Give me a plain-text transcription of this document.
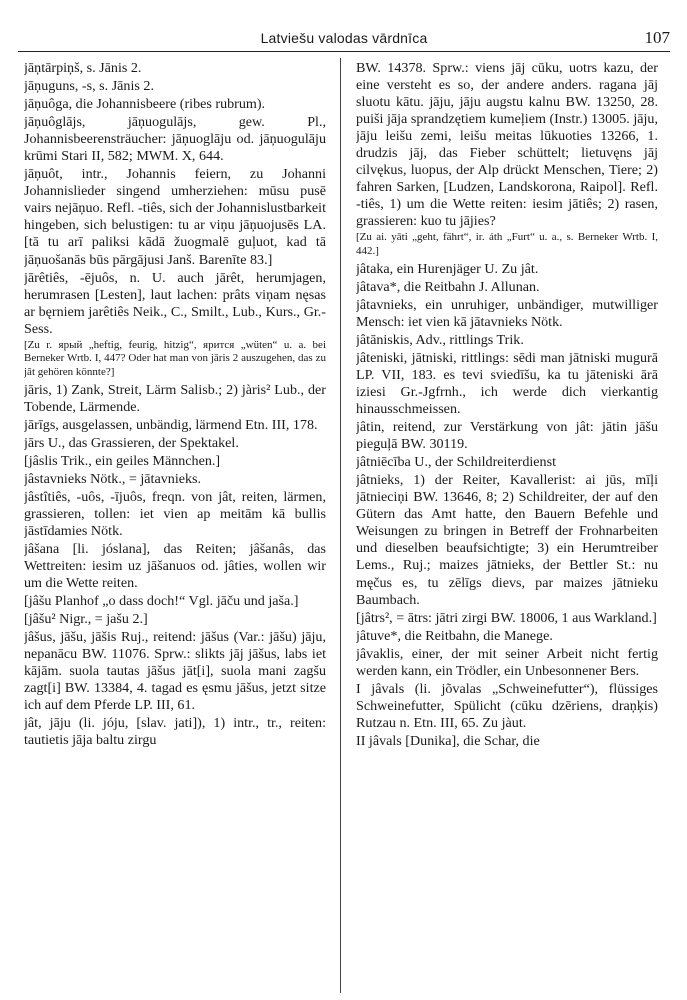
Latviešu valodas vārdnīca	107

jāņtārpiņš, s. Jānis 2.

jāņuguns, -s, s. Jānis 2.

jāņuôga, die Johannisbeere (ribes rubrum).

jāņuôglājs, jāņuogulājs, gew. Pl., Johannisbeerensträucher: jāņuoglāju od. jāņuogulāju krūmi Stari II, 582; MWM. X, 644.

jāņuôt, intr., Johannis feiern, zu Johanni Johannislieder singend umherziehen: mūsu pusē vairs nejāņuo. Refl. -tiês, sich der Johannislustbarkeit hingeben, sich belustigen: tu ar viņu jāņuojusēs LA. [tā tu arī paliksi kādā žuogmalē guļuot, kad tā jāņuošanās būs pārgājusi Janš. Barenīte 83.]

jārêtiês, -ējuôs, n. U. auch jārêt, herumjagen, herumrasen [Lesten], laut lachen: prâts viņam nęsas ar bęrniem jarêtiês Neik., C., Smilt., Lub., Kurs., Gr.-Sess.

[Zu r. ярый „heftig, feurig, hitzig“, ярится „wüten“ u. a. bei Berneker Wrtb. I, 447? Oder hat man von jāris 2 auszugehen, das zu jât gehören könnte?]

jāris, 1) Zank, Streit, Lärm Salisb.; 2) jàris² Lub., der Tobende, Lärmende.

jārīgs, ausgelassen, unbändig, lärmend Etn. III, 178.

jārs U., das Grassieren, der Spektakel.

[jâslis Trik., ein geiles Männchen.]

jâstavnieks Nötk., = jātavnieks.

jâstîtiês, -uôs, -ījuôs, freqn. von jât, reiten, lärmen, grassieren, tollen: iet vien ap meitām kā bullis jāstīdamies Nötk.

jâšana [li. jóslana], das Reiten; jâšanâs, das Wettreiten: iesim uz jāšanuos od. jâties, wollen wir um die Wette reiten.

[jâšu Planhof „o dass doch!“ Vgl. jāču und jaša.]

[jâšu² Nigr., = jašu 2.]

jâšus, jāšu, jāšis Ruj., reitend: jāšus (Var.: jāšu) jāju, nepanācu BW. 11076. Sprw.: slikts jāj jāšus, labs iet kājām. suola tautas jāšus jāt[i], suola mani zagšu zagt[i] BW. 13384, 4. tagad es ęsmu jāšus, jetzt sitze ich auf dem Pferde LP. III, 61.

jât, jāju (li. jóju, [slav. jati]), 1) intr., tr., reiten: tautietis jāja baltu zirgu

BW. 14378. Sprw.: viens jāj cūku, uotrs kazu, der eine versteht es so, der andere anders. ragana jāj sluotu kātu. jāju, jāju augstu kalnu BW. 13250, 28. puiši jāja sprandzętiem kumeļiem (Instr.) 13005. jāju, jāju leišu zemi, leišu meitas lūkuoties 13266, 1. drudzis jāj, das Fieber schüttelt; lietuvęns jāj cilvękus, luopus, der Alp drückt Menschen, Tiere; 2) fahren Sarken, [Ludzen, Landskorona, Raipol]. Refl. -tiês, 1) um die Wette reiten: iesim jātiês; 2) rasen, grassieren: kuo tu jājies?

[Zu ai. yāti „geht, fährt“, ir. áth „Furt“ u. a., s. Berneker Wrtb. I, 442.]

jâtaka, ein Hurenjäger U. Zu jât.

jâtava*, die Reitbahn J. Allunan.

jâtavnieks, ein unruhiger, unbändiger, mutwilliger Mensch: iet vien kā jātavnieks Nötk.

jâtāniskis, Adv., rittlings Trik.

jâteniski, jātniski, rittlings: sēdi man jātniski mugurā LP. VII, 183. es tevi sviedīšu, ka tu jāteniski ārā iziesi Gr.-Jgfrnh., ich werde dich vierkantig hinausschmeissen.

jâtin, reitend, zur Verstärkung von jât: jātin jāšu pieguļā BW. 30119.

jâtniēcība U., der Schildreiterdienst

jâtnieks, 1) der Reiter, Kavallerist: ai jūs, mīļi jātnieciņi BW. 13646, 8; 2) Schildreiter, der auf den Gütern das Amt hatte, den Bauern Befehle und Weisungen zu bringen in Betreff der Frohnarbeiten und dieselben beaufsichtigte; 3) ein Herumtreiber Lems., Ruj.; maizes jātnieks, der Bettler St.: nu męčus es, tu zēlīgs dievs, par maizes jātnieku Baumbach.

[jâtrs², = ātrs: jātri zirgi BW. 18006, 1 aus Warkland.]

jâtuve*, die Reitbahn, die Manege.

jâvaklis, einer, der mit seiner Arbeit nicht fertig werden kann, ein Trödler, ein Unbesonnener Bers.

I jâvals (li. jõvalas „Schweinefutter“), flüssiges Schweinefutter, Spülicht (cūku dzēriens, draņķis) Rutzau n. Etn. III, 65. Zu jàut.

II jâvals [Dunika], die Schar, die
